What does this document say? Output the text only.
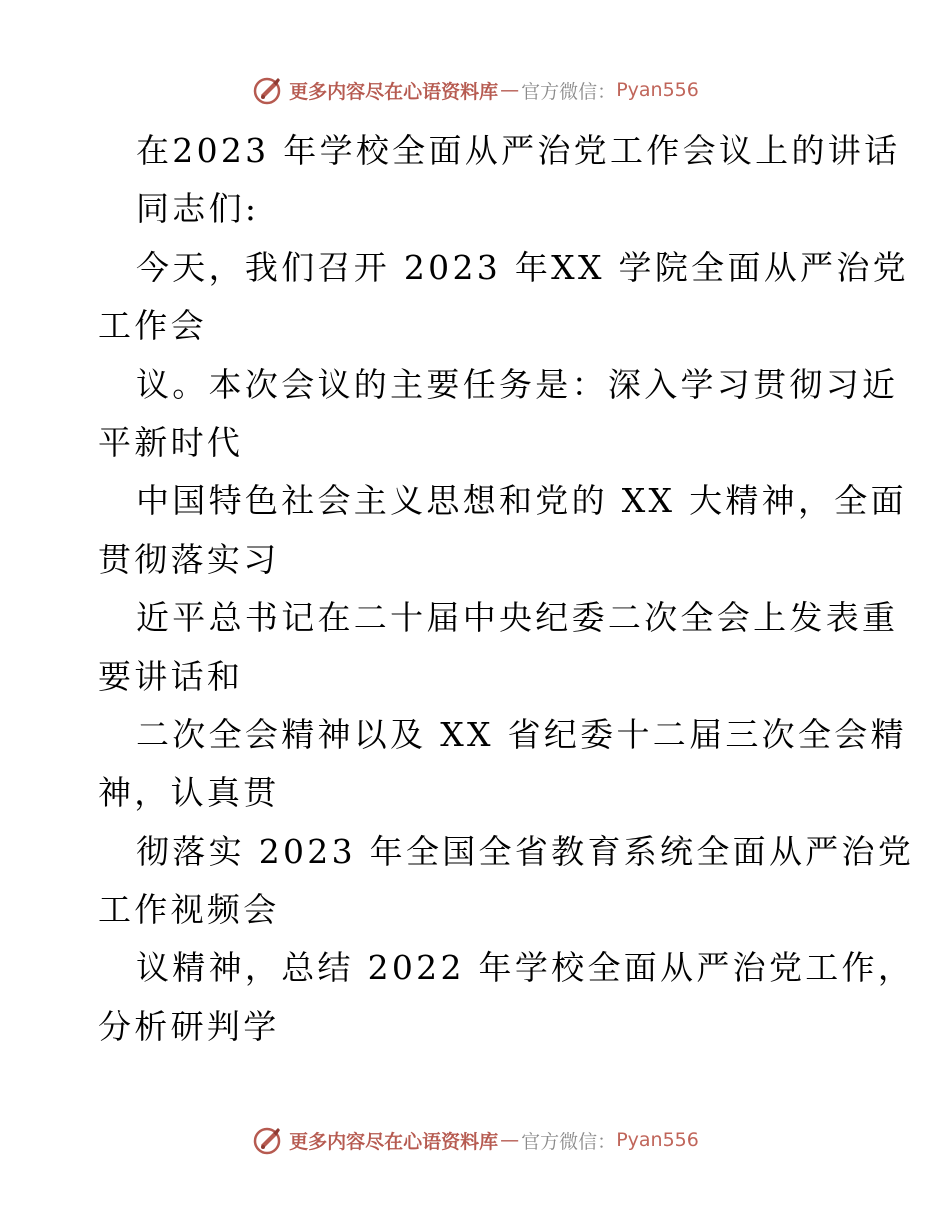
更多内容尽在心语资料库 — 官方微信： Pyan556
在2023 年学校全面从严治党工作会议上的讲话
同志们:
今天，我们召开 2023 年XX 学院全面从严治党
工作会
议。本次会议的主要任务是：深入学习贯彻习近
平新时代
中国特色社会主义思想和党的 XX 大精神，全面
贯彻落实习
近平总书记在二十届中央纪委二次全会上发表重
要讲话和
二次全会精神以及 XX 省纪委十二届三次全会精
神，认真贯
彻落实 2023 年全国全省教育系统全面从严治党
工作视频会
议精神，总结 2022 年学校全面从严治党工作，
分析研判学
更多内容尽在心语资料库 — 官方微信： Pyan556
